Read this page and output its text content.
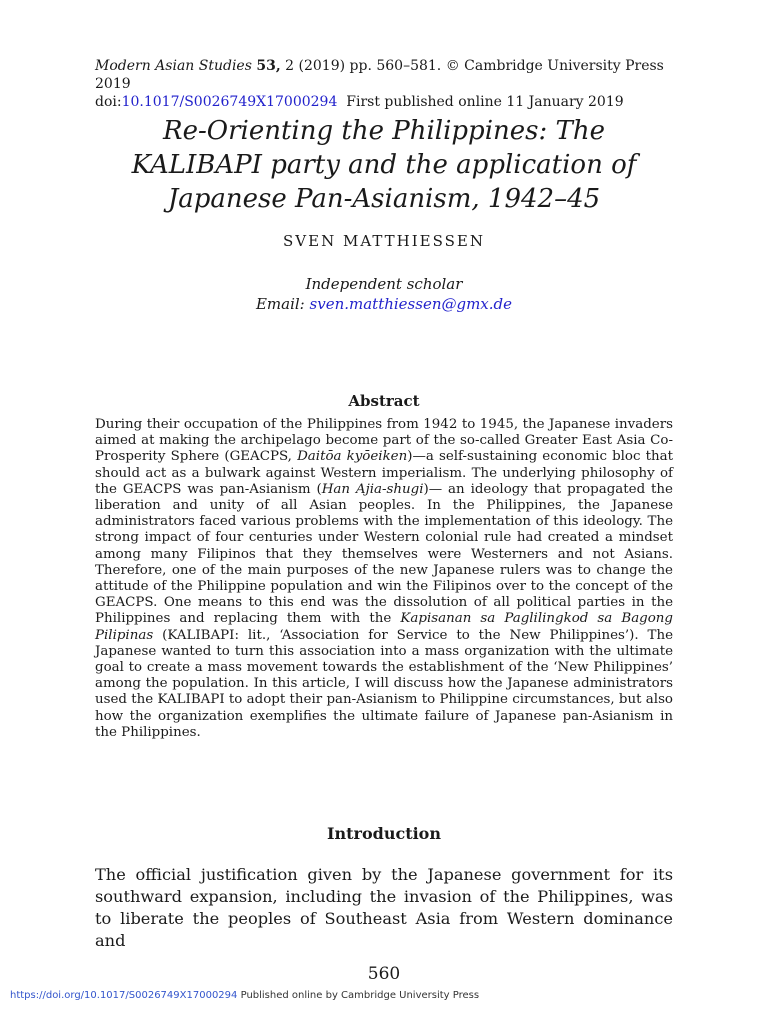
Modern Asian Studies 53, 2 (2019) pp. 560–581. © Cambridge University Press 2019
doi:10.1017/S0026749X17000294  First published online 11 January 2019
Re-Orienting the Philippines: The
KALIBAPI party and the application of
Japanese Pan-Asianism, 1942–45
SVEN MATTHIESSEN
Independent scholar
Email: sven.matthiessen@gmx.de
Abstract
During their occupation of the Philippines from 1942 to 1945, the Japanese invaders aimed at making the archipelago become part of the so-called Greater East Asia Co-Prosperity Sphere (GEACPS, Daitōa kyōeiken)—a self-sustaining economic bloc that should act as a bulwark against Western imperialism. The underlying philosophy of the GEACPS was pan-Asianism (Han Ajia-shugi)— an ideology that propagated the liberation and unity of all Asian peoples. In the Philippines, the Japanese administrators faced various problems with the implementation of this ideology. The strong impact of four centuries under Western colonial rule had created a mindset among many Filipinos that they themselves were Westerners and not Asians. Therefore, one of the main purposes of the new Japanese rulers was to change the attitude of the Philippine population and win the Filipinos over to the concept of the GEACPS. One means to this end was the dissolution of all political parties in the Philippines and replacing them with the Kapisanan sa Paglilingkod sa Bagong Pilipinas (KALIBAPI: lit., ‘Association for Service to the New Philippines’). The Japanese wanted to turn this association into a mass organization with the ultimate goal to create a mass movement towards the establishment of the ‘New Philippines’ among the population. In this article, I will discuss how the Japanese administrators used the KALIBAPI to adopt their pan-Asianism to Philippine circumstances, but also how the organization exemplifies the ultimate failure of Japanese pan-Asianism in the Philippines.
Introduction
The official justification given by the Japanese government for its southward expansion, including the invasion of the Philippines, was to liberate the peoples of Southeast Asia from Western dominance and
560
https://doi.org/10.1017/S0026749X17000294 Published online by Cambridge University Press
